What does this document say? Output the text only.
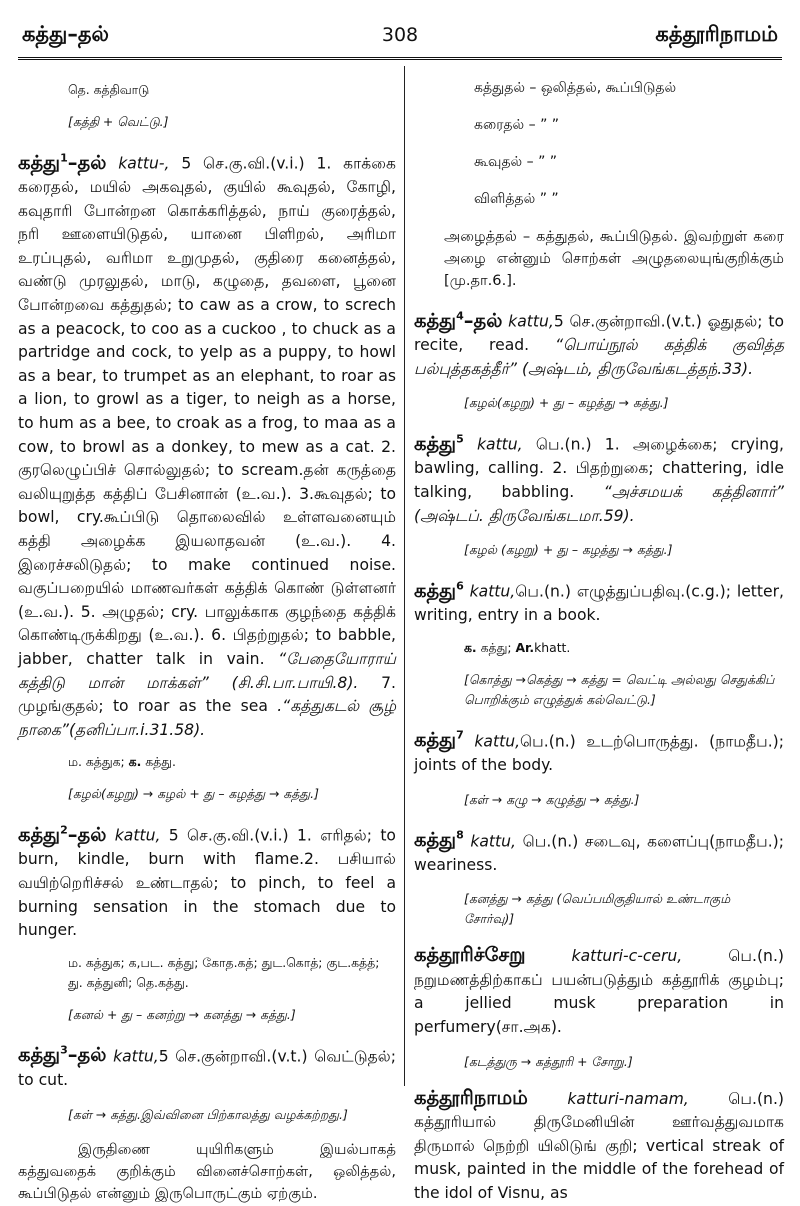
கத்து–தல்	308	கத்தூரிநாமம்
தெ. கத்திவாடு
[கத்தி + வெட்டு.]
கத்து$^1$–தல் kattu-, 5 செ.கு.வி.(v.i.) 1. காக்கை கரைதல், மயில் அகவுதல், குயில் கூவுதல், கோழி, கவுதாரி போன்றன கொக்கரித்தல், நாய் குரைத்தல், நரி ஊளையிடுதல், யானை பிளிறல், அரிமா உரப்புதல், வரிமா உறுமுதல், குதிரை கனைத்தல், வண்டு முரலுதல், மாடு, கழுதை, தவளை, பூனை போன்றவை கத்துதல்; to caw as a crow, to screch as a peacock, to coo as a cuckoo , to chuck as a partridge and cock, to yelp as a puppy, to howl as a bear, to trumpet as an elephant, to roar as a lion, to growl as a tiger, to neigh as a horse, to hum as a bee, to croak as a frog, to maa as a cow, to browl as a donkey, to mew as a cat. 2. குரலெழுப்பிச் சொல்லுதல்; to scream.தன் கருத்தை வலியுறுத்த கத்திப் பேசினான் (உ.வ.). 3.கூவுதல்; to bowl, cry.கூப்பிடு தொலைவில் உள்ளவனையும் கத்தி அழைக்க இயலாதவன் (உ.வ.). 4. இரைச்சலிடுதல்; to make continued noise. வகுப்பறையில் மாணவர்கள் கத்திக் கொண் டுள்ளனர் (உ.வ.). 5. அழுதல்; cry. பாலுக்காக குழந்தை கத்திக் கொண்டிருக்கிறது (உ.வ.). 6. பிதற்றுதல்; to babble, jabber, chatter talk in vain. “பேதையோராய் கத்திடு மான் மாக்கள்” (சி.சி.பா.பாயி.8). 7. முழங்குதல்; to roar as the sea .“கத்துகடல் சூழ் நாகை”(தனிப்பா.i.31.58).
ம. கத்துக; க. கத்து.
[கழல்(கழறு) → கழல் + து – கழத்து → கத்து.]
கத்து$^2$–தல் kattu, 5 செ.கு.வி.(v.i.) 1. எரிதல்; to burn, kindle, burn with flame.2. பசியால் வயிற்றெரிச்சல் உண்டாதல்; to pinch, to feel a burning sensation in the stomach due to hunger.
ம. கத்துக; க,பட. கத்து; கோத.கத்; துட.கொத்; குட.கத்த்; து. கத்துனி; தெ.கத்து.
[கனல் + து – கனற்று → கனத்து → கத்து.]
கத்து$^3$–தல் kattu,5 செ.குன்றாவி.(v.t.) வெட்டுதல்; to cut.
[கள் → கத்து.இவ்வினை பிற்காலத்து வழக்கற்றது.]
இருதிணை யுயிரிகளும் இயல்பாகத் கத்துவதைக் குறிக்கும் வினைச்சொற்கள், ஒலித்தல், கூப்பிடுதல் என்னும் இருபொருட்கும் ஏற்கும்.
கத்துதல் – ஒலித்தல், கூப்பிடுதல்
கரைதல் – ” ”
கூவுதல் – ” ”
விளித்தல் ” ”
அழைத்தல் – கத்துதல், கூப்பிடுதல். இவற்றுள் கரை அழை என்னும் சொற்கள் அழுதலையுங்குறிக்கும் [மு.தா.6.].
கத்து$^4$–தல் kattu,5 செ.குன்றாவி.(v.t.) ஓதுதல்; to recite, read. “பொய்நூல் கத்திக் குவித்த பல்புத்தகத்தீர்” (அஷ்டம், திருவேங்கடத்தந்.33).
[கழல்(கழறு) + து – கழத்து → கத்து.]
கத்து$^5$ kattu, பெ.(n.) 1. அழைக்கை; crying, bawling, calling. 2. பிதற்றுகை; chattering, idle talking, babbling. “அச்சமயக் கத்தினார்” (அஷ்டப். திருவேங்கடமா.59).
[கழல் (கழறு) + து – கழத்து → கத்து.]
கத்து$^6$ kattu,பெ.(n.) எழுத்துப்பதிவு.(c.g.); letter, writing, entry in a book.
க. கத்து; Ar.khatt.
[கொத்து →கெத்து → கத்து = வெட்டி அல்லது செதுக்கிப் பொறிக்கும் எழுத்துக் கல்வெட்டு.]
கத்து$^7$ kattu,பெ.(n.) உடற்பொருத்து. (நாமதீப.); joints of the body.
[கள் → கழு → கழுத்து → கத்து.]
கத்து$^8$ kattu, பெ.(n.) சடைவு, களைப்பு(நாமதீப.); weariness.
[கனத்து → கத்து (வெப்பமிகுதியால் உண்டாகும் சோர்வு)]
கத்தூரிச்சேறு	katturi-c-ceru, பெ.(n.) நறுமணத்திற்காகப் பயன்படுத்தும் கத்தூரிக் குழம்பு; a jellied musk preparation in perfumery(சா.அக).
[கடத்துரு → கத்தூரி + சோறு.]
கத்தூரிநாமம்	katturi-namam, பெ.(n.) கத்தூரியால் திருமேனியின் ஊர்வத்துவமாக திருமால் நெற்றி யிலிடுங் குறி; vertical streak of musk, painted in the middle of the forehead of the idol of Visnu, as
